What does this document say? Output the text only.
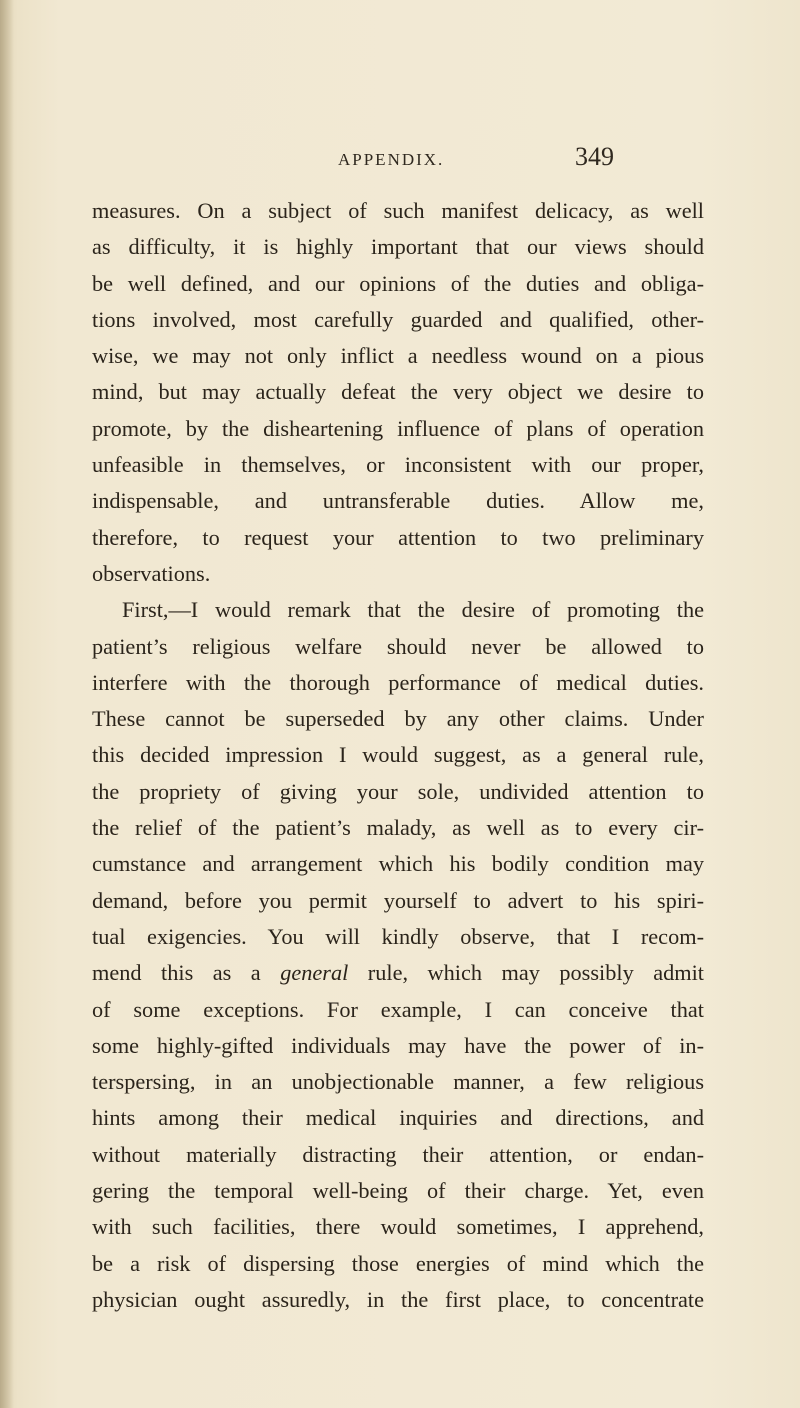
APPENDIX.	349
measures. On a subject of such manifest delicacy, as well
as difficulty, it is highly important that our views should
be well defined, and our opinions of the duties and obliga-
tions involved, most carefully guarded and qualified, other-
wise, we may not only inflict a needless wound on a pious
mind, but may actually defeat the very object we desire to
promote, by the disheartening influence of plans of operation
unfeasible in themselves, or inconsistent with our proper,
indispensable, and untransferable duties. Allow me,
therefore, to request your attention to two preliminary
observations.
First,—I would remark that the desire of promoting the
patient’s religious welfare should never be allowed to
interfere with the thorough performance of medical duties.
These cannot be superseded by any other claims. Under
this decided impression I would suggest, as a general rule,
the propriety of giving your sole, undivided attention to
the relief of the patient’s malady, as well as to every cir-
cumstance and arrangement which his bodily condition may
demand, before you permit yourself to advert to his spiri-
tual exigencies. You will kindly observe, that I recom-
mend this as a general rule, which may possibly admit
of some exceptions. For example, I can conceive that
some highly-gifted individuals may have the power of in-
terspersing, in an unobjectionable manner, a few religious
hints among their medical inquiries and directions, and
without materially distracting their attention, or endan-
gering the temporal well-being of their charge. Yet, even
with such facilities, there would sometimes, I apprehend,
be a risk of dispersing those energies of mind which the
physician ought assuredly, in the first place, to concentrate
